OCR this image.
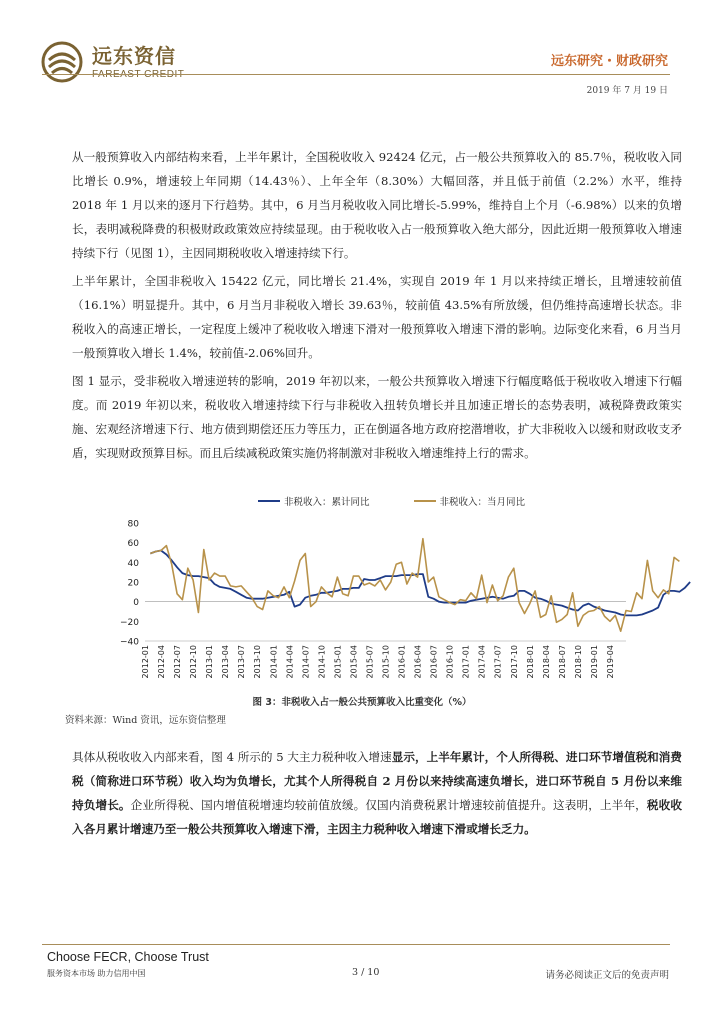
远东资信
FAREAST CREDIT
远东研究・财政研究
2019 年 7 月 19 日

从一般预算收入内部结构来看，上半年累计，全国税收收入 92424 亿元，占一般公共预算收入的 85.7％，税收收入同比增长 0.9%，增速较上年同期（14.43％）、上年全年（8.30%）大幅回落，并且低于前值（2.2%）水平，维持 2018 年 1 月以来的逐月下行趋势。其中，6 月当月税收收入同比增长-5.99%，维持自上个月（-6.98%）以来的负增长，表明减税降费的积极财政政策效应持续显现。由于税收收入占一般预算收入绝大部分，因此近期一般预算收入增速持续下行（见图 1），主因同期税收收入增速持续下行。

上半年累计，全国非税收入 15422 亿元，同比增长 21.4%，实现自 2019 年 1 月以来持续正增长，且增速较前值（16.1%）明显提升。其中，6 月当月非税收入增长 39.63％，较前值 43.5%有所放缓，但仍维持高速增长状态。非税收入的高速正增长，一定程度上缓冲了税收收入增速下滑对一般预算收入增速下滑的影响。边际变化来看，6 月当月一般预算收入增长 1.4%，较前值-2.06%回升。

图 1 显示，受非税收入增速逆转的影响，2019 年初以来，一般公共预算收入增速下行幅度略低于税收收入增速下行幅度。而 2019 年初以来，税收收入增速持续下行与非税收入扭转负增长并且加速正增长的态势表明，减税降费政策实施、宏观经济增速下行、地方债到期偿还压力等压力，正在倒逼各地方政府挖潜增收，扩大非税收入以缓和财政收支矛盾，实现财政预算目标。而且后续减税政策实施仍将制激对非税收入增速维持上行的需求。

非税收入：累计同比	非税收入：当月同比
80
60
40
20
0
−20
−40
2012-01 2012-04 2012-07 2012-10 2013-01 2013-04 2013-07 2013-10 2014-01 2014-04 2014-07 2014-10 2015-01 2015-04 2015-07 2015-10 2016-01 2016-04 2016-07 2016-10 2017-01 2017-04 2017-07 2017-10 2018-01 2018-04 2018-07 2018-10 2019-01 2019-04
图 3：非税收入占一般公共预算收入比重变化（%）
资料来源：Wind 资讯，远东资信整理

具体从税收收入内部来看，图 4 所示的 5 大主力税种收入增速显示，上半年累计，个人所得税、进口环节增值税和消费税（简称进口环节税）收入均为负增长，尤其个人所得税自 2 月份以来持续高速负增长，进口环节税自 5 月份以来维持负增长。企业所得税、国内增值税增速均较前值放缓。仅国内消费税累计增速较前值提升。这表明，上半年，税收收入各月累计增速乃至一般公共预算收入增速下滑，主因主力税种收入增速下滑或增长乏力。

Choose FECR, Choose Trust
服务资本市场 助力信用中国	3 / 10	请务必阅读正文后的免责声明
